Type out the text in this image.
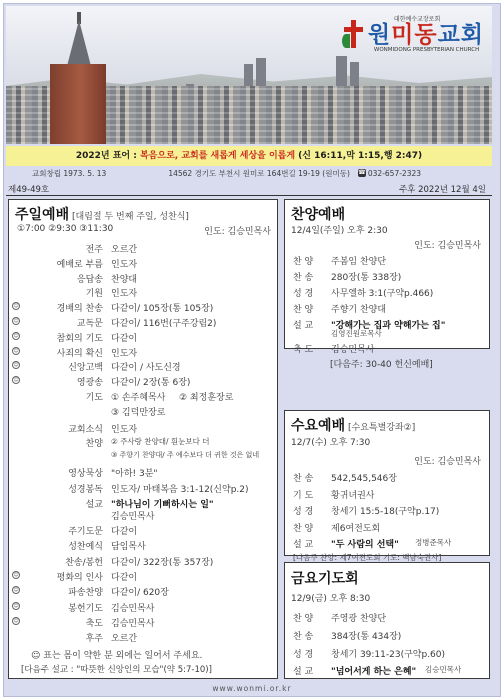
대한예수교장로회
원미동교회
WONMIDONG PRESBYTERIAN CHURCH
2022년 표어 : 복음으로, 교회를 새롭게 세상을 이롭게 (신 16:11,막 1:15,행 2:47)
교회창립 1973. 5. 13	14562 경기도 부천시 원미로 164번길 19-19 (원미동) ☎ 032-657-2323
제49-49호	주후 2022년 12월 4일
주일예배 [대림절 두 번째 주일, 성찬식]
①7:00 ②9:30 ③11:30	인도: 김승민목사
전주 오르간
예배로 부름 인도자
응답송 찬양대
기원 인도자
☺	경배의 찬송 다같이/ 105장(통 105장)
☺	교독문 다같이/ 116번(구주강림2)
☺	참회의 기도 다같이
☺	사죄의 확신 인도자
☺	신앙고백 다같이 / 사도신경
☺	영광송 다같이/ 2장(통 6장)
기도 ① 손주혜목사 ② 최정훈장로
③ 김덕만장로
교회소식 인도자
찬양 ② 주사랑 찬양대/ 흰눈보다 더
③ 주향기 찬양대/ 주 예수보다 더 귀한 것은 없네
영상묵상 "아하! 3분"
성경봉독 인도자/ 마태복음 3:1-12(신약p.2)
설교 "하나님이 기뻐하시는 일"
김승민목사
주기도문 다같이
성찬예식 담임목사
찬송/봉헌 다같이/ 322장(통 357장)
☺	평화의 인사 다같이
☺	파송찬양 다같이/ 620장
☺	봉헌기도 김승민목사
☺	축도 김승민목사
후주 오르간
☺ 표는 몸이 약한 분 외에는 일어서 주세요.
[다음주 설교 : "따뜻한 신앙인의 모습"(약 5:7-10)]
찬양예배
12/4일(주일) 오후 2:30
인도: 김승민목사
찬 양 주봄임 찬양단
찬 송 280장(통 338장)
성 경 사무엘하 3:1(구약p.466)
찬 양 주향기 찬양대
설 교 "강해가는 집과 약해가는 집"
김영진원로목사
축 도 김승민목사
[다음주: 30-40 헌신예배]
수요예배 [수요특별강좌②]
12/7(수) 오후 7:30
인도: 김승민목사
찬 송 542,545,546장
기 도 황귀녀권사
성 경 창세기 15:5-18(구약p.17)
찬 양 제6여전도회
설 교 "두 사람의 선택" 정병준목사
[다음주 찬양: 제7여전도회 기도: 백남숙권사]
금요기도회
12/9(금) 오후 8:30
찬 양 주영광 찬양단
찬 송 384장(통 434장)
성 경 창세기 39:11-23(구약p.60)
설 교 "넘어서게 하는 은혜" 김승민목사
www.wonmi.or.kr
